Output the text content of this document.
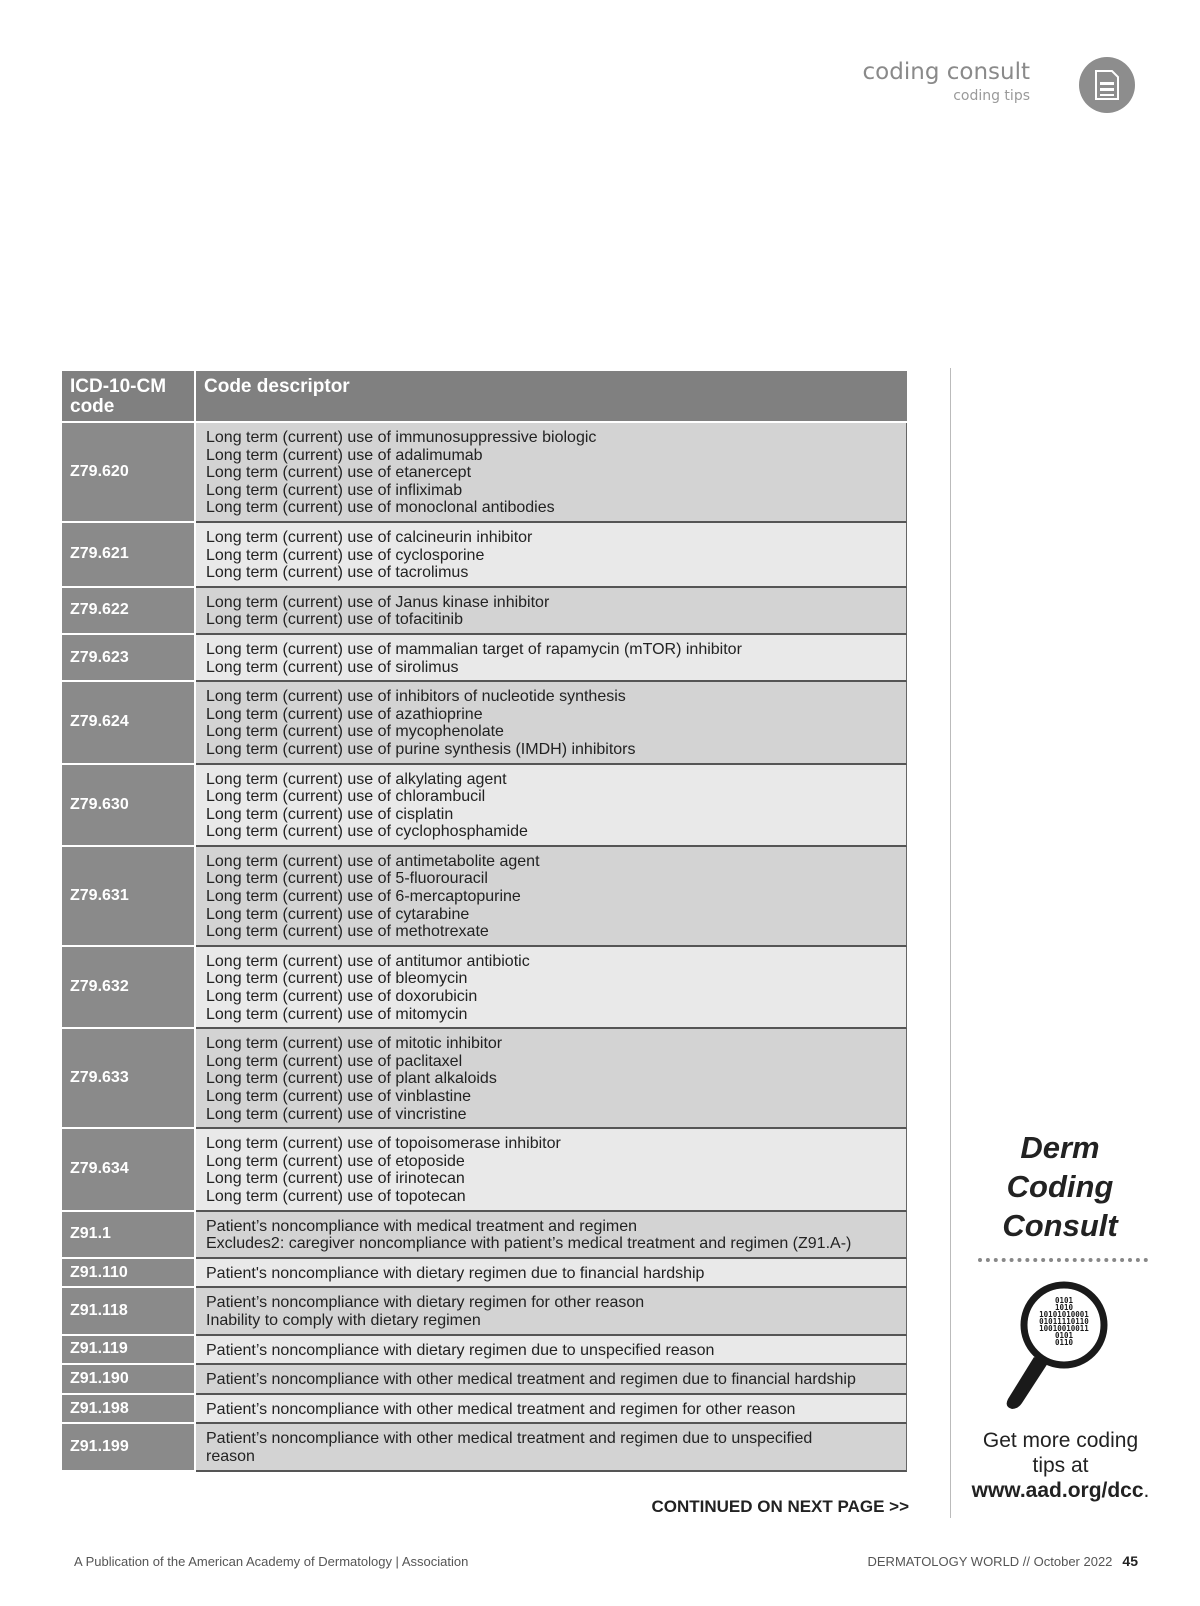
coding consult
coding tips
ICD-10-CM code	Code descriptor
Z79.620	Long term (current) use of immunosuppressive biologic
Long term (current) use of adalimumab
Long term (current) use of etanercept
Long term (current) use of infliximab
Long term (current) use of monoclonal antibodies

Z79.621	Long term (current) use of calcineurin inhibitor
Long term (current) use of cyclosporine
Long term (current) use of tacrolimus

Z79.622	Long term (current) use of Janus kinase inhibitor
Long term (current) use of tofacitinib

Z79.623	Long term (current) use of mammalian target of rapamycin (mTOR) inhibitor
Long term (current) use of sirolimus

Z79.624	Long term (current) use of inhibitors of nucleotide synthesis
Long term (current) use of azathioprine
Long term (current) use of mycophenolate
Long term (current) use of purine synthesis (IMDH) inhibitors

Z79.630	Long term (current) use of alkylating agent
Long term (current) use of chlorambucil
Long term (current) use of cisplatin
Long term (current) use of cyclophosphamide

Z79.631	Long term (current) use of antimetabolite agent
Long term (current) use of 5-fluorouracil
Long term (current) use of 6-mercaptopurine
Long term (current) use of cytarabine
Long term (current) use of methotrexate

Z79.632	Long term (current) use of antitumor antibiotic
Long term (current) use of bleomycin
Long term (current) use of doxorubicin
Long term (current) use of mitomycin

Z79.633	Long term (current) use of mitotic inhibitor
Long term (current) use of paclitaxel
Long term (current) use of plant alkaloids
Long term (current) use of vinblastine
Long term (current) use of vincristine

Z79.634	Long term (current) use of topoisomerase inhibitor
Long term (current) use of etoposide
Long term (current) use of irinotecan
Long term (current) use of topotecan

Z91.1	Patient’s noncompliance with medical treatment and regimen
Excludes2: caregiver noncompliance with patient’s medical treatment and regimen (Z91.A-)

Z91.110	Patient's noncompliance with dietary regimen due to financial hardship

Z91.118	Patient’s noncompliance with dietary regimen for other reason
Inability to comply with dietary regimen

Z91.119	Patient’s noncompliance with dietary regimen due to unspecified reason

Z91.190	Patient’s noncompliance with other medical treatment and regimen due to financial hardship

Z91.198	Patient’s noncompliance with other medical treatment and regimen for other reason

Z91.199	Patient’s noncompliance with other medical treatment and regimen due to unspecified
reason
CONTINUED ON NEXT PAGE >>
Derm
Coding
Consult
0101
1010
10101010001
01011110110
10010010011
0101
0110
Get more coding tips at www.aad.org/dcc.
A Publication of the American Academy of Dermatology | Association	DERMATOLOGY WORLD // October 2022 45
